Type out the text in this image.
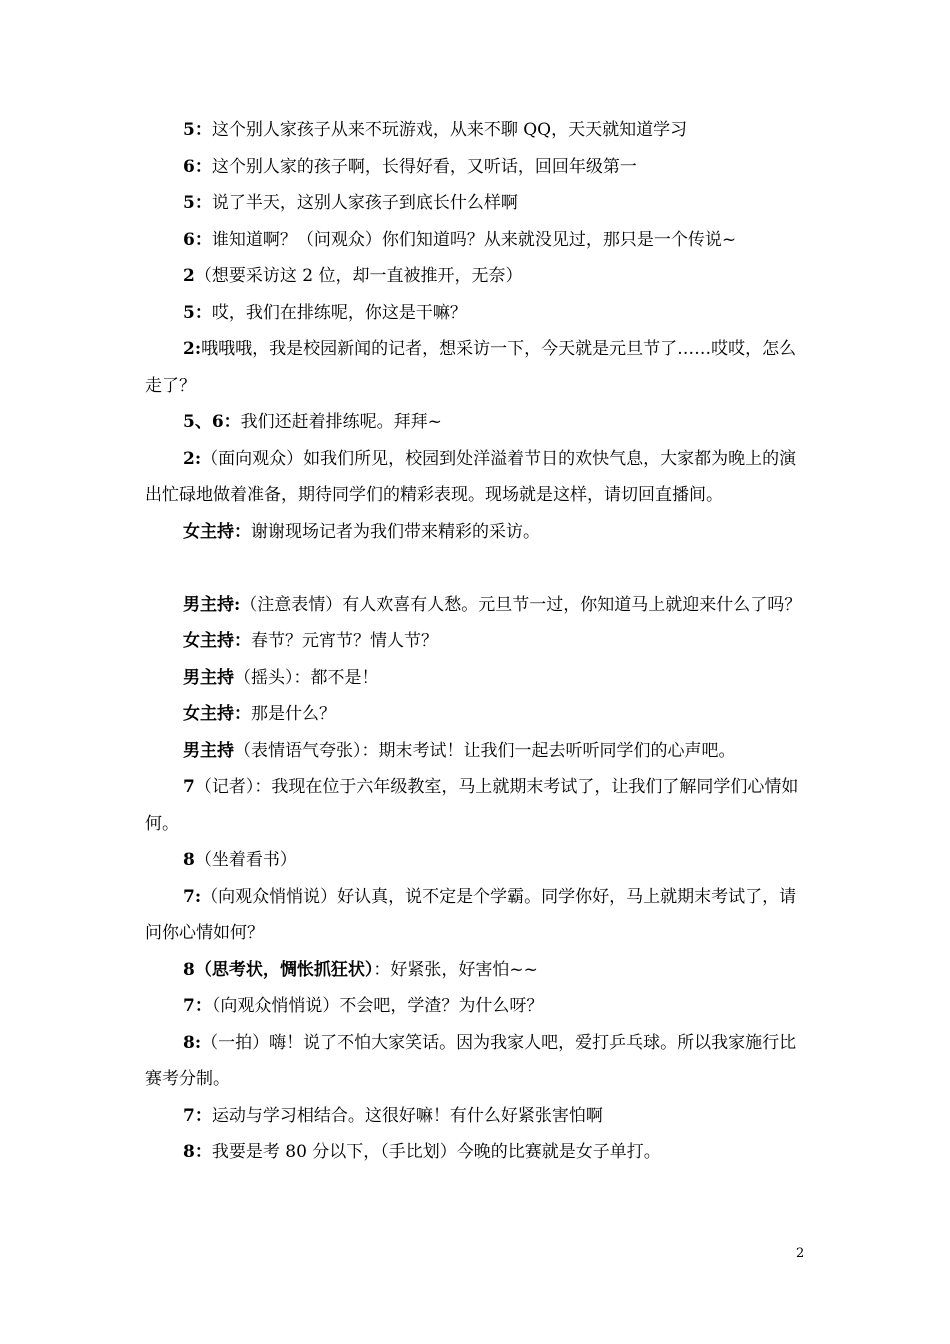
5：这个别人家孩子从来不玩游戏，从来不聊 QQ，天天就知道学习

6：这个别人家的孩子啊，长得好看，又听话，回回年级第一

5：说了半天，这别人家孩子到底长什么样啊

6：谁知道啊？（问观众）你们知道吗？从来就没见过，那只是一个传说~

2（想要采访这 2 位，却一直被推开，无奈）

5：哎，我们在排练呢，你这是干嘛？

2:哦哦哦，我是校园新闻的记者，想采访一下，今天就是元旦节了……哎哎，怎么走了？

5、6：我们还赶着排练呢。拜拜~

2:（面向观众）如我们所见，校园到处洋溢着节日的欢快气息，大家都为晚上的演出忙碌地做着准备，期待同学们的精彩表现。现场就是这样，请切回直播间。

女主持：谢谢现场记者为我们带来精彩的采访。

男主持:（注意表情）有人欢喜有人愁。元旦节一过，你知道马上就迎来什么了吗？

女主持：春节？元宵节？情人节？

男主持（摇头）：都不是！

女主持：那是什么？

男主持（表情语气夸张）：期末考试！让我们一起去听听同学们的心声吧。

7（记者）：我现在位于六年级教室，马上就期末考试了，让我们了解同学们心情如何。

8（坐着看书）

7:（向观众悄悄说）好认真，说不定是个学霸。同学你好，马上就期末考试了，请问你心情如何？

8（思考状，惆怅抓狂状）：好紧张，好害怕~~

7：（向观众悄悄说）不会吧，学渣？为什么呀？

8:（一拍）嗨！说了不怕大家笑话。因为我家人吧，爱打乒乓球。所以我家施行比赛考分制。

7：运动与学习相结合。这很好嘛！有什么好紧张害怕啊

8：我要是考 80 分以下，（手比划）今晚的比赛就是女子单打。

2
